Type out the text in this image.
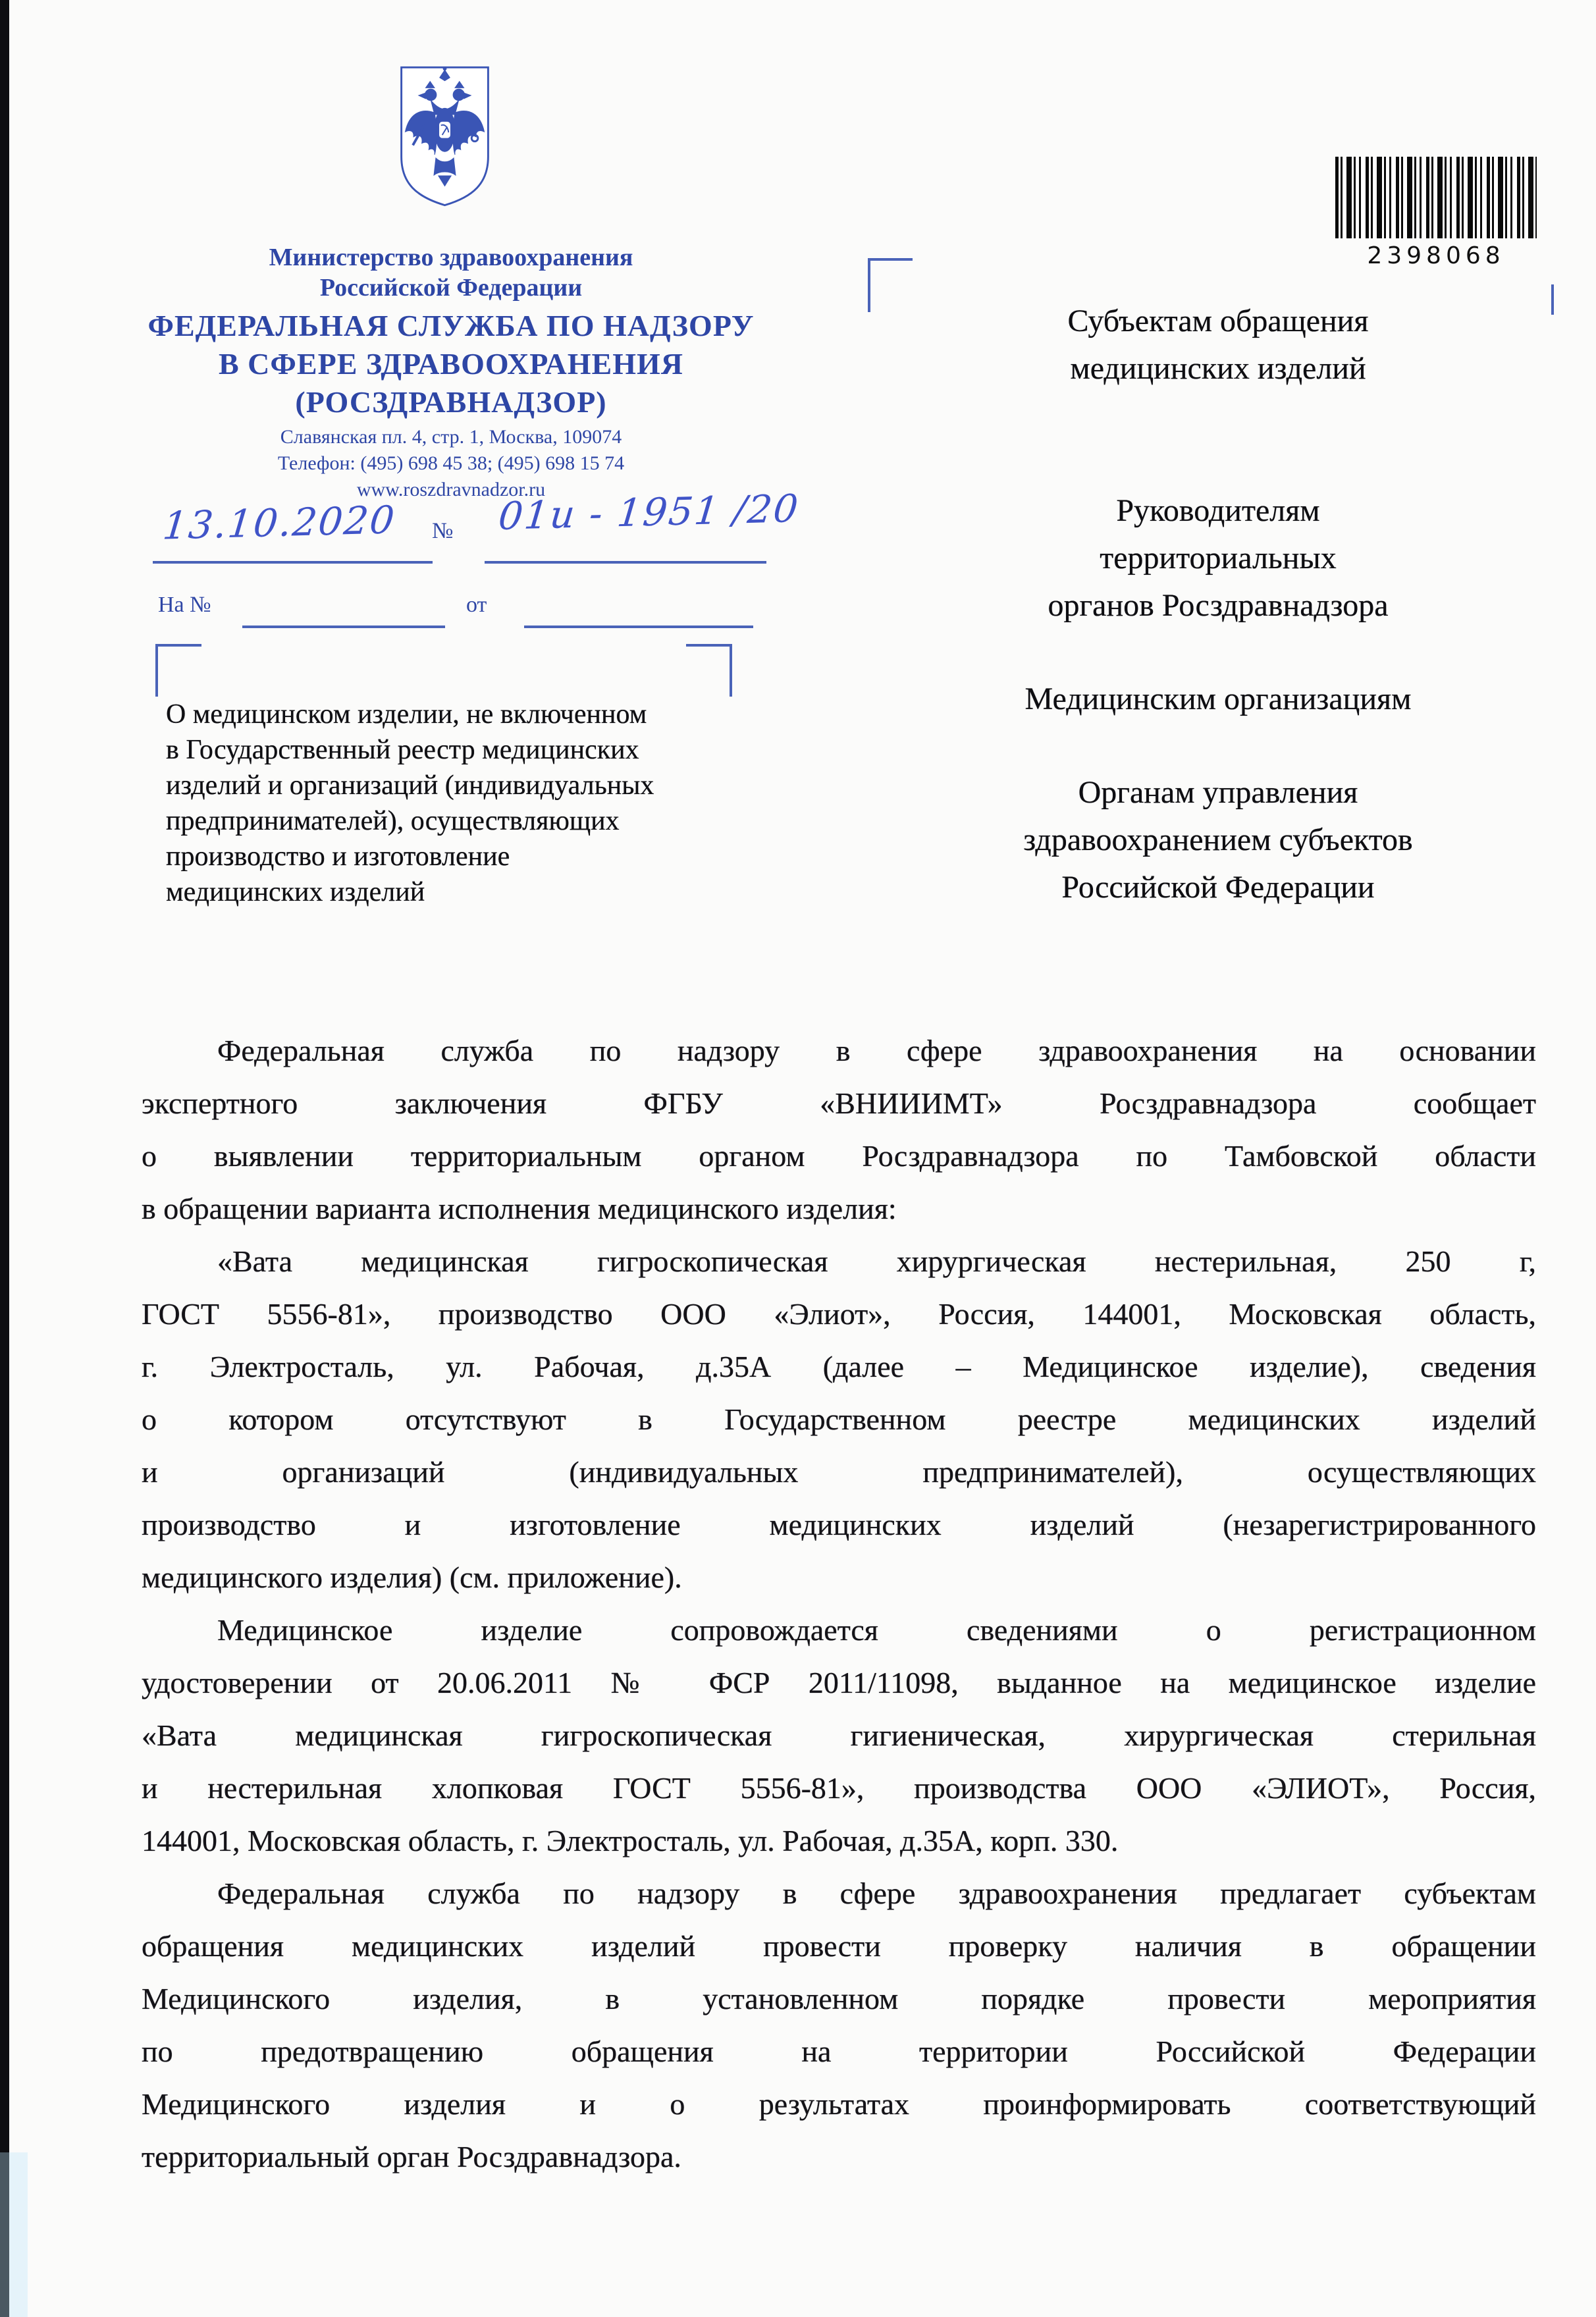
Министерство здравоохранения
Российской Федерации
ФЕДЕРАЛЬНАЯ СЛУЖБА ПО НАДЗОРУ
В СФЕРЕ ЗДРАВООХРАНЕНИЯ
(РОСЗДРАВНАДЗОР)
Славянская пл. 4, стр. 1, Москва, 109074
Телефон: (495) 698 45 38; (495) 698 15 74
www.roszdravnadzor.ru
13.10.2020 № 01и - 1951 /20
На №	от
2398068
О медицинском изделии, не включенном
в Государственный реестр медицинских
изделий и организаций (индивидуальных
предпринимателей), осуществляющих
производство и изготовление
медицинских изделий
Субъектам обращения
медицинских изделий
Руководителям
территориальных
органов Росздравнадзора
Медицинским организациям
Органам управления
здравоохранением субъектов
Российской Федерации
Федеральная служба по надзору в сфере здравоохранения на основании
экспертного заключения ФГБУ «ВНИИИМТ» Росздравнадзора сообщает
о выявлении территориальным органом Росздравнадзора по Тамбовской области
в обращении варианта исполнения медицинского изделия:
«Вата медицинская гигроскопическая хирургическая нестерильная, 250 г,
ГОСТ 5556-81», производство ООО «Элиот», Россия, 144001, Московская область,
г. Электросталь, ул. Рабочая, д.35А (далее – Медицинское изделие), сведения
о котором отсутствуют в Государственном реестре медицинских изделий
и организаций (индивидуальных предпринимателей), осуществляющих
производство и изготовление медицинских изделий (незарегистрированного
медицинского изделия) (см. приложение).
Медицинское изделие сопровождается сведениями о регистрационном
удостоверении от 20.06.2011 № ФСР 2011/11098, выданное на медицинское изделие
«Вата медицинская гигроскопическая гигиеническая, хирургическая стерильная
и нестерильная хлопковая ГОСТ 5556-81», производства ООО «ЭЛИОТ», Россия,
144001, Московская область, г. Электросталь, ул. Рабочая, д.35А, корп. 330.
Федеральная служба по надзору в сфере здравоохранения предлагает субъектам
обращения медицинских изделий провести проверку наличия в обращении
Медицинского изделия, в установленном порядке провести мероприятия
по предотвращению обращения на территории Российской Федерации
Медицинского изделия и о результатах проинформировать соответствующий
территориальный орган Росздравнадзора.
